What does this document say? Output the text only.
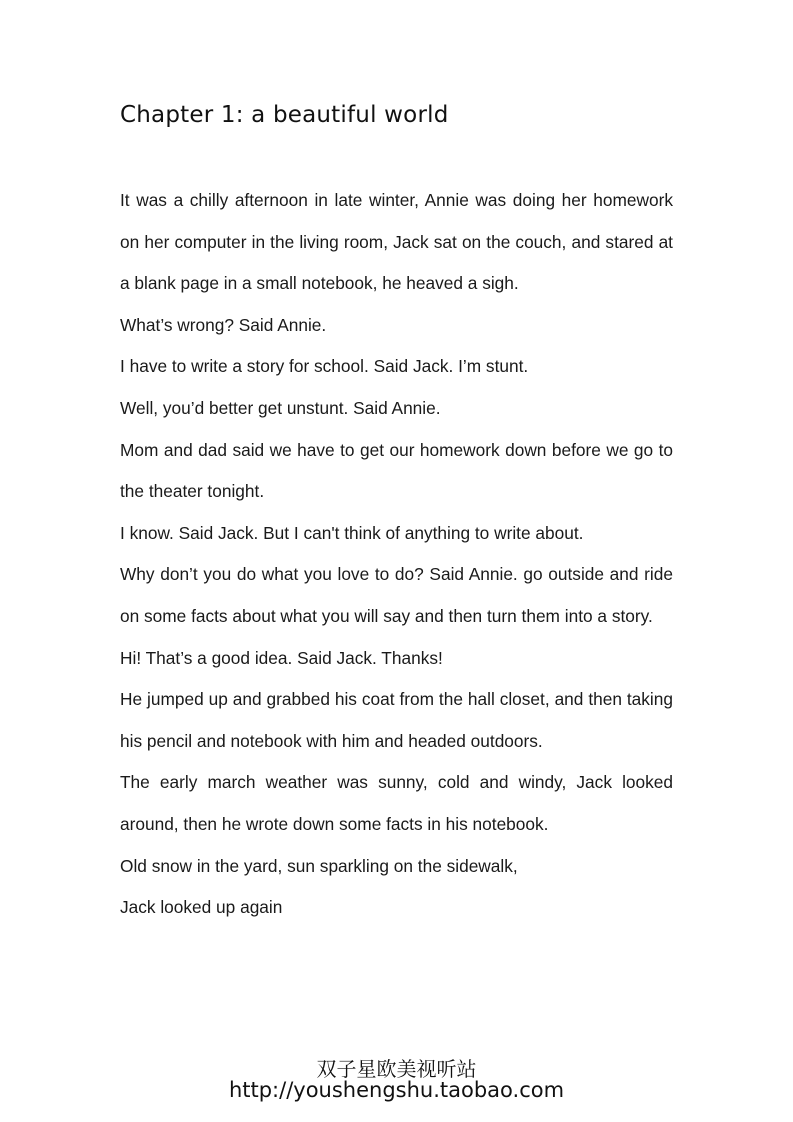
Chapter 1: a beautiful world

It was a chilly afternoon in late winter, Annie was doing her homework on her computer in the living room, Jack sat on the couch, and stared at a blank page in a small notebook, he heaved a sigh.

What’s wrong? Said Annie.

I have to write a story for school. Said Jack. I’m stunt.

Well, you’d better get unstunt. Said Annie.

Mom and dad said we have to get our homework down before we go to the theater tonight.

I know. Said Jack. But I can't think of anything to write about.

Why don’t you do what you love to do? Said Annie. go outside and ride on some facts about what you will say and then turn them into a story.

Hi! That’s a good idea. Said Jack. Thanks!

He jumped up and grabbed his coat from the hall closet, and then taking his pencil and notebook with him and headed outdoors.

The early march weather was sunny, cold and windy, Jack looked around, then he wrote down some facts in his notebook.

Old snow in the yard, sun sparkling on the sidewalk,

Jack looked up again

双子星欧美视听站
http://youshengshu.taobao.com
